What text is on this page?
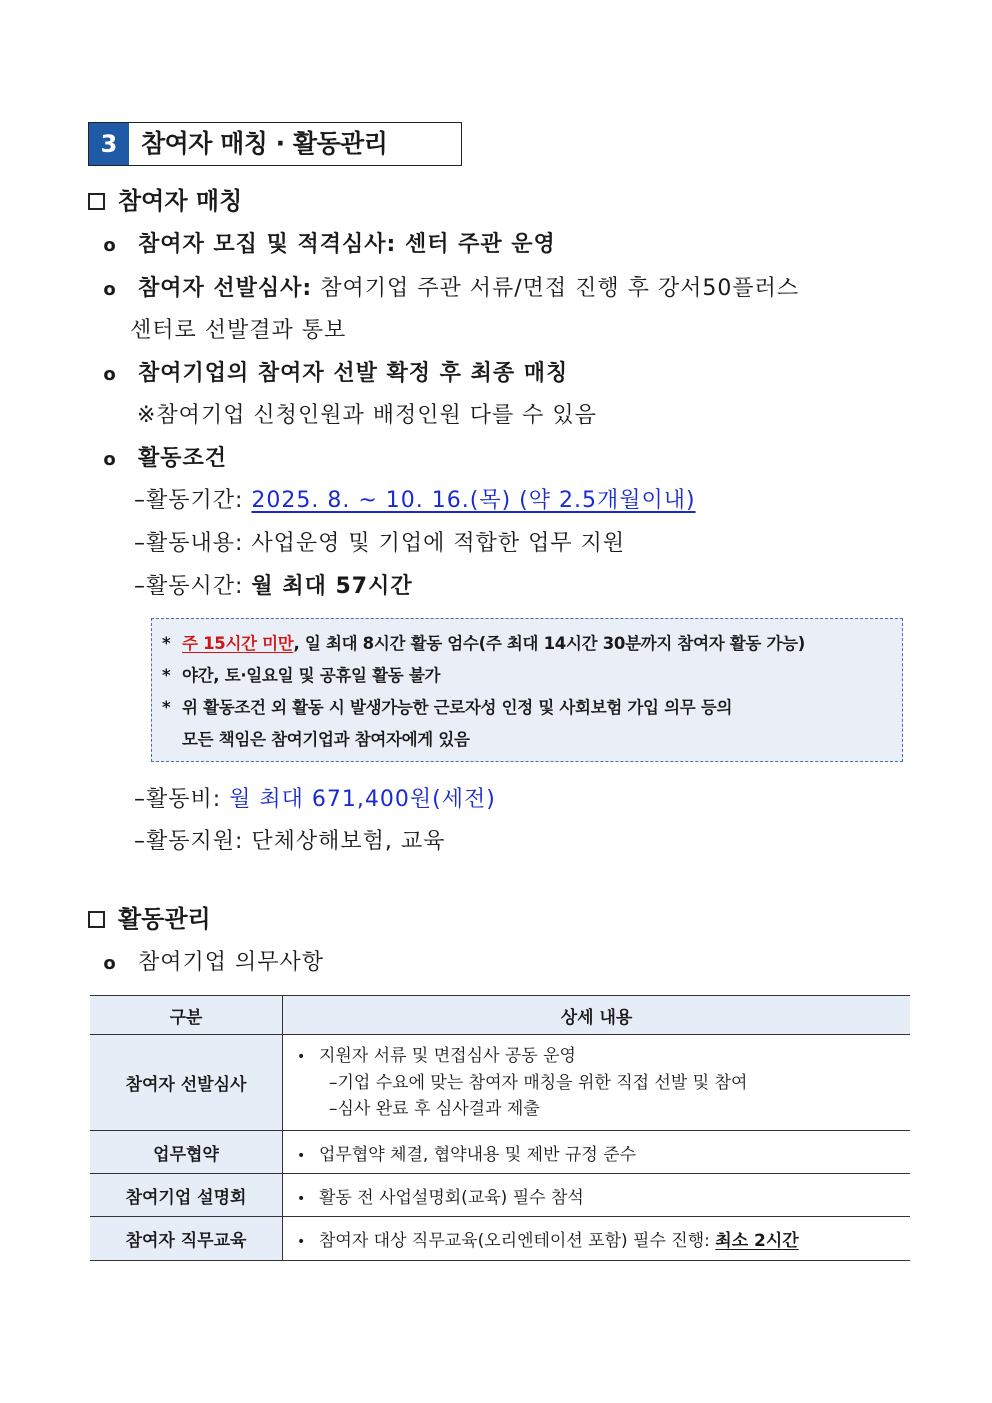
3 참여자 매칭 · 활동관리
참여자 매칭
o 참여자 모집 및 적격심사: 센터 주관 운영
o 참여자 선발심사: 참여기업 주관 서류/면접 진행 후 강서50플러스
센터로 선발결과 통보
o 참여기업의 참여자 선발 확정 후 최종 매칭
※참여기업 신청인원과 배정인원 다를 수 있음
o 활동조건
–활동기간: 2025. 8. ~ 10. 16.(목) (약 2.5개월이내)
–활동내용: 사업운영 및 기업에 적합한 업무 지원
–활동시간: 월 최대 57시간
* 주 15시간 미만, 일 최대 8시간 활동 엄수(주 최대 14시간 30분까지 참여자 활동 가능)
* 야간, 토·일요일 및 공휴일 활동 불가
* 위 활동조건 외 활동 시 발생가능한 근로자성 인정 및 사회보험 가입 의무 등의
모든 책임은 참여기업과 참여자에게 있음
–활동비: 월 최대 671,400원(세전)
–활동지원: 단체상해보험, 교육
활동관리
o 참여기업 의무사항
구분	상세 내용
참여자 선발심사	• 지원자 서류 및 면접심사 공동 운영
–기업 수요에 맞는 참여자 매칭을 위한 직접 선발 및 참여
–심사 완료 후 심사결과 제출

업무협약	• 업무협약 체결, 협약내용 및 제반 규정 준수
참여기업 설명회	• 활동 전 사업설명회(교육) 필수 참석
참여자 직무교육	• 참여자 대상 직무교육(오리엔테이션 포함) 필수 진행: 최소 2시간
